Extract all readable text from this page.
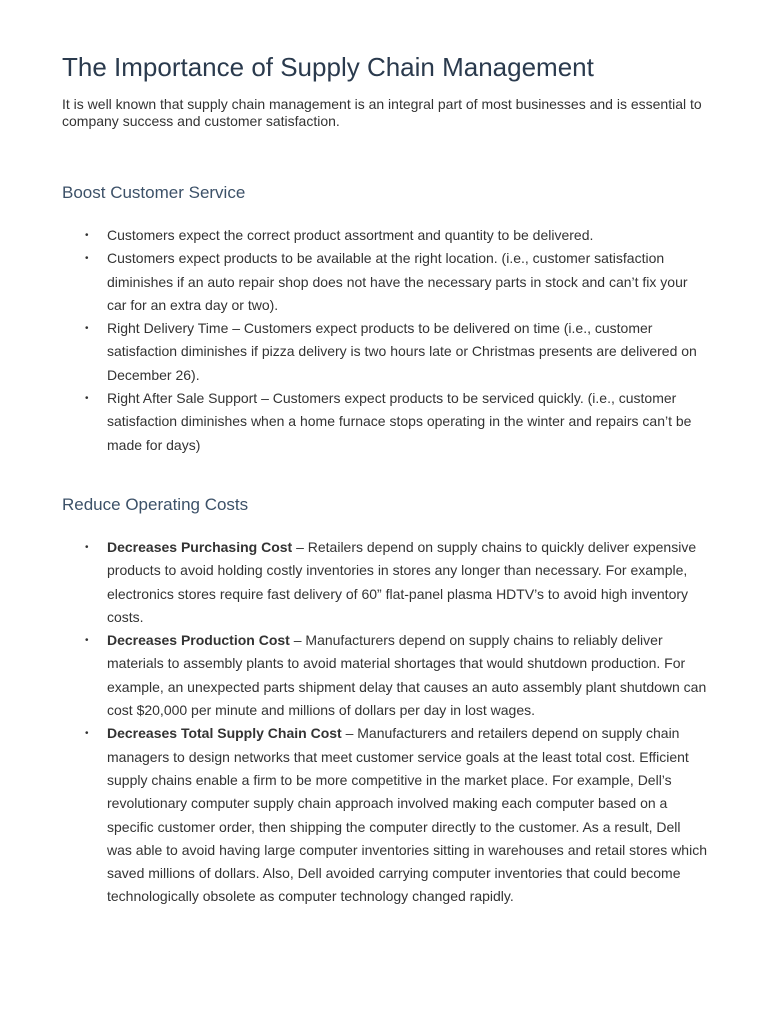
The Importance of Supply Chain Management

It is well known that supply chain management is an integral part of most businesses and is essential to company success and customer satisfaction.

Boost Customer Service
• Customers expect the correct product assortment and quantity to be delivered.
• Customers expect products to be available at the right location. (i.e., customer satisfaction diminishes if an auto repair shop does not have the necessary parts in stock and can’t fix your car for an extra day or two).
• Right Delivery Time – Customers expect products to be delivered on time (i.e., customer satisfaction diminishes if pizza delivery is two hours late or Christmas presents are delivered on December 26).
• Right After Sale Support – Customers expect products to be serviced quickly. (i.e., customer satisfaction diminishes when a home furnace stops operating in the winter and repairs can’t be made for days)
Reduce Operating Costs
• Decreases Purchasing Cost – Retailers depend on supply chains to quickly deliver expensive products to avoid holding costly inventories in stores any longer than necessary. For example, electronics stores require fast delivery of 60” flat-panel plasma HDTV’s to avoid high inventory costs.
• Decreases Production Cost – Manufacturers depend on supply chains to reliably deliver materials to assembly plants to avoid material shortages that would shutdown production. For example, an unexpected parts shipment delay that causes an auto assembly plant shutdown can cost $20,000 per minute and millions of dollars per day in lost wages.
• Decreases Total Supply Chain Cost – Manufacturers and retailers depend on supply chain managers to design networks that meet customer service goals at the least total cost. Efficient supply chains enable a firm to be more competitive in the market place. For example, Dell’s revolutionary computer supply chain approach involved making each computer based on a specific customer order, then shipping the computer directly to the customer. As a result, Dell was able to avoid having large computer inventories sitting in warehouses and retail stores which saved millions of dollars. Also, Dell avoided carrying computer inventories that could become technologically obsolete as computer technology changed rapidly.
